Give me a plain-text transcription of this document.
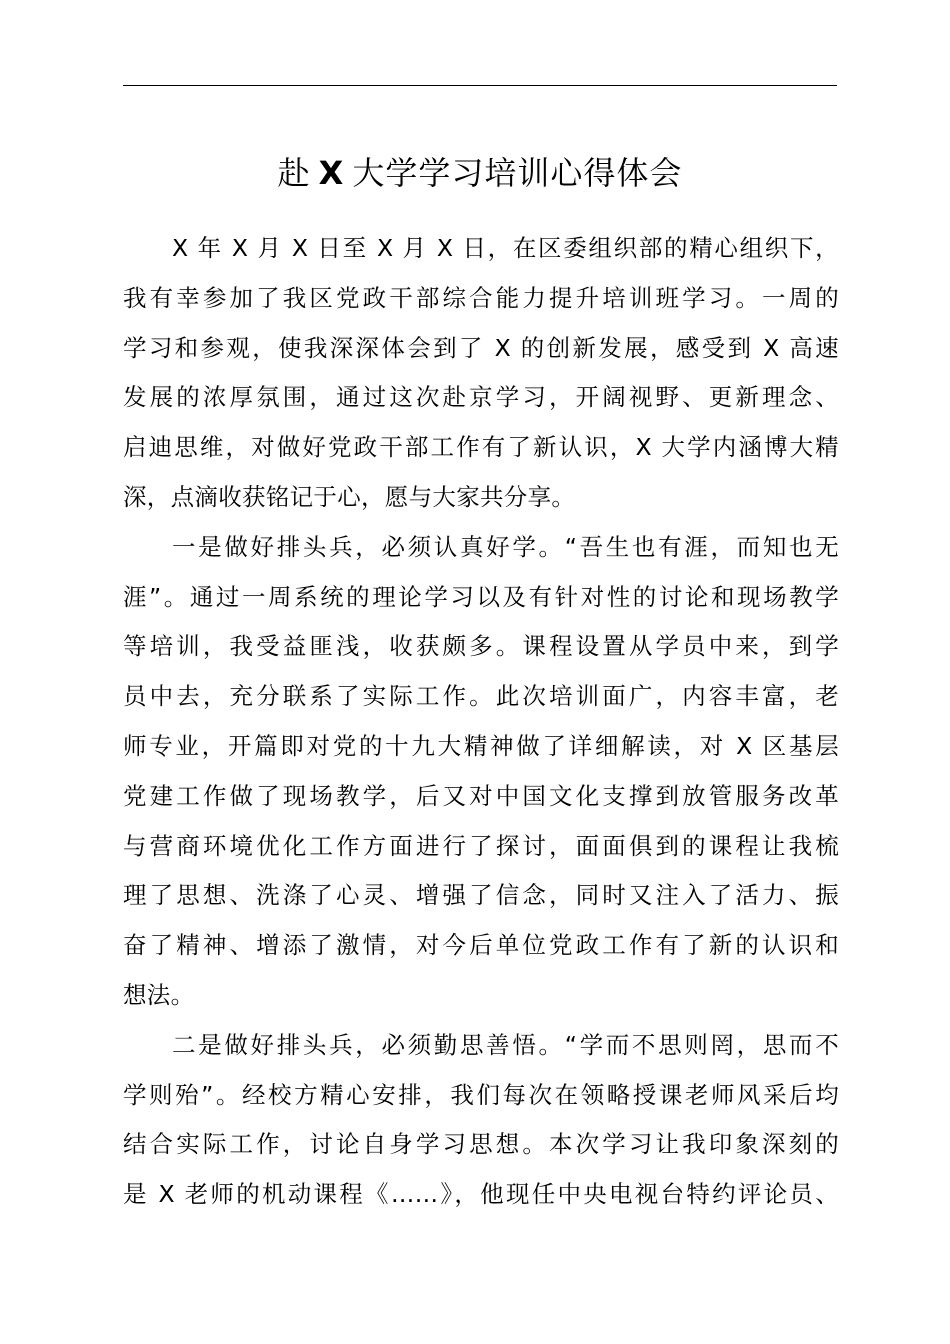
赴 X 大学学习培训心得体会
X 年 X 月 X 日至 X 月 X 日，在区委组织部的精心组织下，
我有幸参加了我区党政干部综合能力提升培训班学习。一周的
学习和参观，使我深深体会到了 X 的创新发展，感受到 X 高速
发展的浓厚氛围，通过这次赴京学习，开阔视野、更新理念、
启迪思维，对做好党政干部工作有了新认识，X 大学内涵博大精
深，点滴收获铭记于心，愿与大家共分享。
一是做好排头兵，必须认真好学。“吾生也有涯，而知也无
涯”。通过一周系统的理论学习以及有针对性的讨论和现场教学
等培训，我受益匪浅，收获颇多。课程设置从学员中来，到学
员中去，充分联系了实际工作。此次培训面广，内容丰富，老
师专业，开篇即对党的十九大精神做了详细解读，对 X 区基层
党建工作做了现场教学，后又对中国文化支撑到放管服务改革
与营商环境优化工作方面进行了探讨，面面俱到的课程让我梳
理了思想、洗涤了心灵、增强了信念，同时又注入了活力、振
奋了精神、增添了激情，对今后单位党政工作有了新的认识和
想法。
二是做好排头兵，必须勤思善悟。“学而不思则罔，思而不
学则殆”。经校方精心安排，我们每次在领略授课老师风采后均
结合实际工作，讨论自身学习思想。本次学习让我印象深刻的
是 X 老师的机动课程《……》，他现任中央电视台特约评论员、
